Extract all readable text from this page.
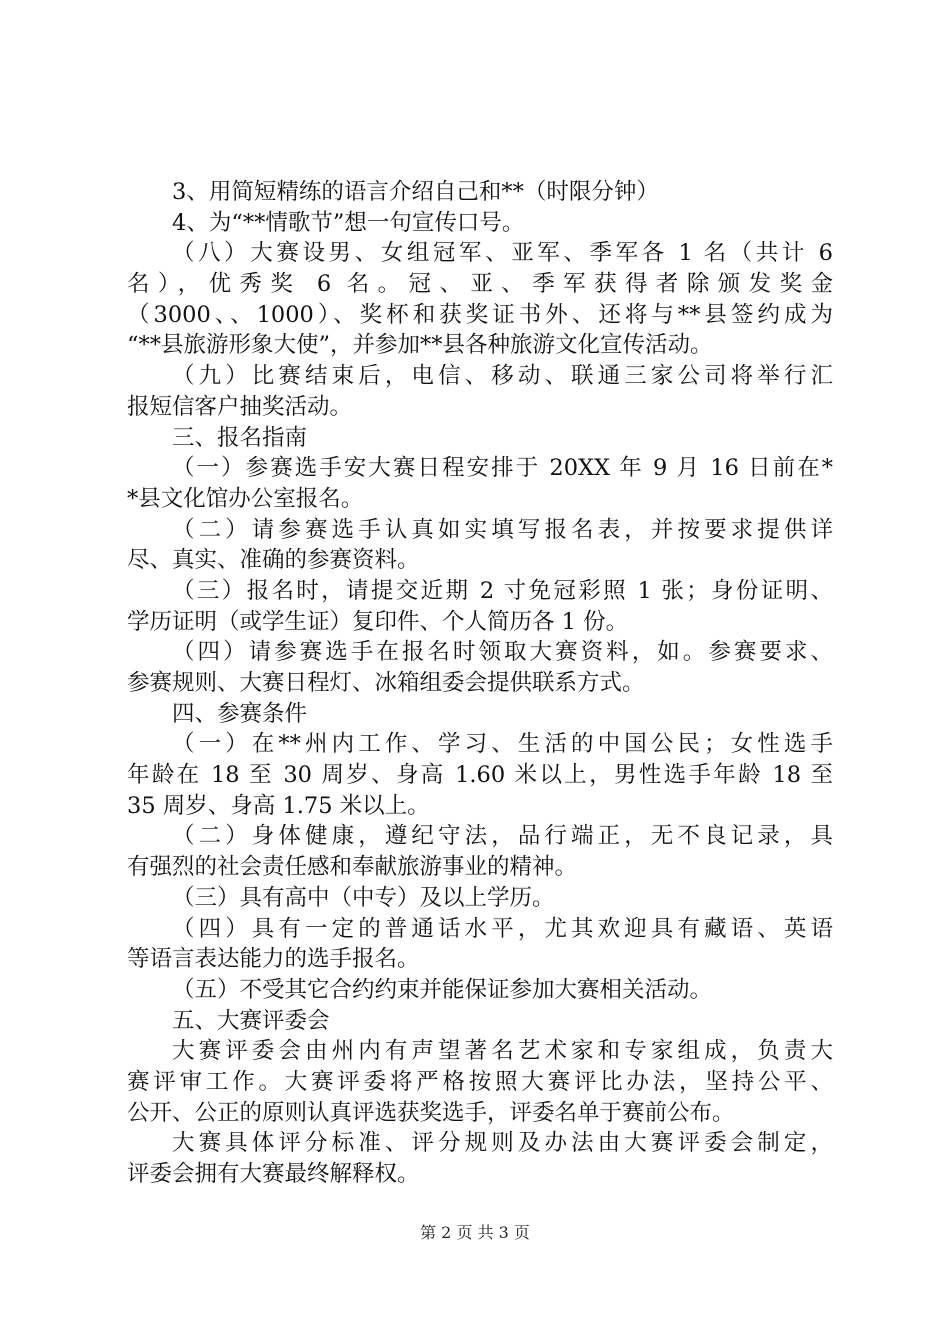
3、用简短精练的语言介绍自己和**（时限分钟）
4、为“**情歌节”想一句宣传口号。
（八）大赛设男、女组冠军、亚军、季军各 1 名（共计 6
名），优秀奖 6 名。冠、亚、季军获得者除颁发奖金
（3000、、1000）、奖杯和获奖证书外、还将与**县签约成为
“**县旅游形象大使”，并参加**县各种旅游文化宣传活动。
（九）比赛结束后，电信、移动、联通三家公司将举行汇
报短信客户抽奖活动。
三、报名指南
（一）参赛选手安大赛日程安排于 20XX 年 9 月 16 日前在*
*县文化馆办公室报名。
（二）请参赛选手认真如实填写报名表，并按要求提供详
尽、真实、准确的参赛资料。
（三）报名时，请提交近期 2 寸免冠彩照 1 张；身份证明、
学历证明（或学生证）复印件、个人简历各 1 份。
（四）请参赛选手在报名时领取大赛资料，如。参赛要求、
参赛规则、大赛日程灯、冰箱组委会提供联系方式。
四、参赛条件
（一）在**州内工作、学习、生活的中国公民；女性选手
年龄在 18 至 30 周岁、身高 1.60 米以上，男性选手年龄 18 至
35 周岁、身高 1.75 米以上。
（二）身体健康，遵纪守法，品行端正，无不良记录，具
有强烈的社会责任感和奉献旅游事业的精神。
（三）具有高中（中专）及以上学历。
（四）具有一定的普通话水平，尤其欢迎具有藏语、英语
等语言表达能力的选手报名。
（五）不受其它合约约束并能保证参加大赛相关活动。
五、大赛评委会
大赛评委会由州内有声望著名艺术家和专家组成，负责大
赛评审工作。大赛评委将严格按照大赛评比办法，坚持公平、
公开、公正的原则认真评选获奖选手，评委名单于赛前公布。
大赛具体评分标准、评分规则及办法由大赛评委会制定，
评委会拥有大赛最终解释权。
第 2 页 共 3 页
